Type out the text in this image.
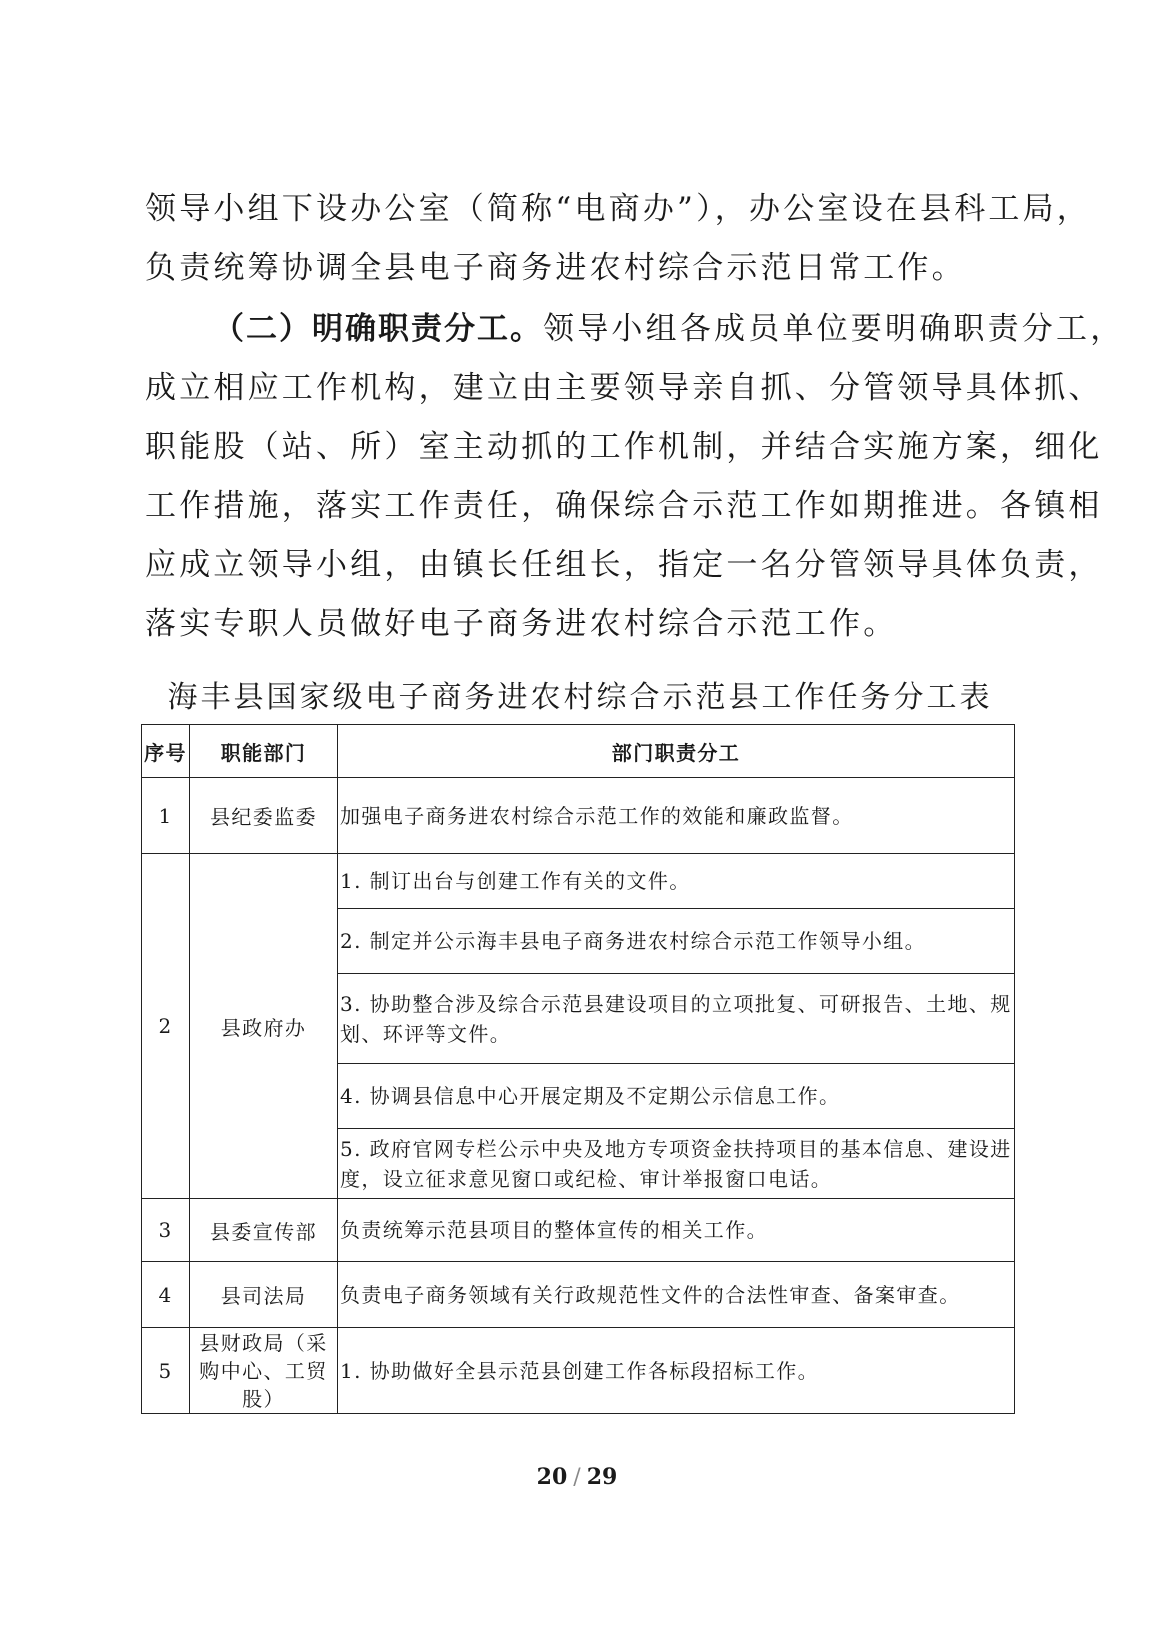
领导小组下设办公室（简称“电商办”），办公室设在县科工局，

负责统筹协调全县电子商务进农村综合示范日常工作。

（二）明确职责分工。领导小组各成员单位要明确职责分工，

成立相应工作机构，建立由主要领导亲自抓、分管领导具体抓、

职能股（站、所）室主动抓的工作机制，并结合实施方案，细化

工作措施，落实工作责任，确保综合示范工作如期推进。各镇相

应成立领导小组，由镇长任组长，指定一名分管领导具体负责，

落实专职人员做好电子商务进农村综合示范工作。

海丰县国家级电子商务进农村综合示范县工作任务分工表
序号	职能部门	部门职责分工
1	县纪委监委	加强电子商务进农村综合示范工作的效能和廉政监督。
2	县政府办	1. 制订出台与创建工作有关的文件。
		2. 制定并公示海丰县电子商务进农村综合示范工作领导小组。
		3. 协助整合涉及综合示范县建设项目的立项批复、可研报告、土地、规划、环评等文件。
		4. 协调县信息中心开展定期及不定期公示信息工作。
		5. 政府官网专栏公示中央及地方专项资金扶持项目的基本信息、建设进度，设立征求意见窗口或纪检、审计举报窗口电话。
3	县委宣传部	负责统筹示范县项目的整体宣传的相关工作。
4	县司法局	负责电子商务领域有关行政规范性文件的合法性审查、备案审查。
5	县财政局（采购中心、工贸股）	1. 协助做好全县示范县创建工作各标段招标工作。
20 / 29
